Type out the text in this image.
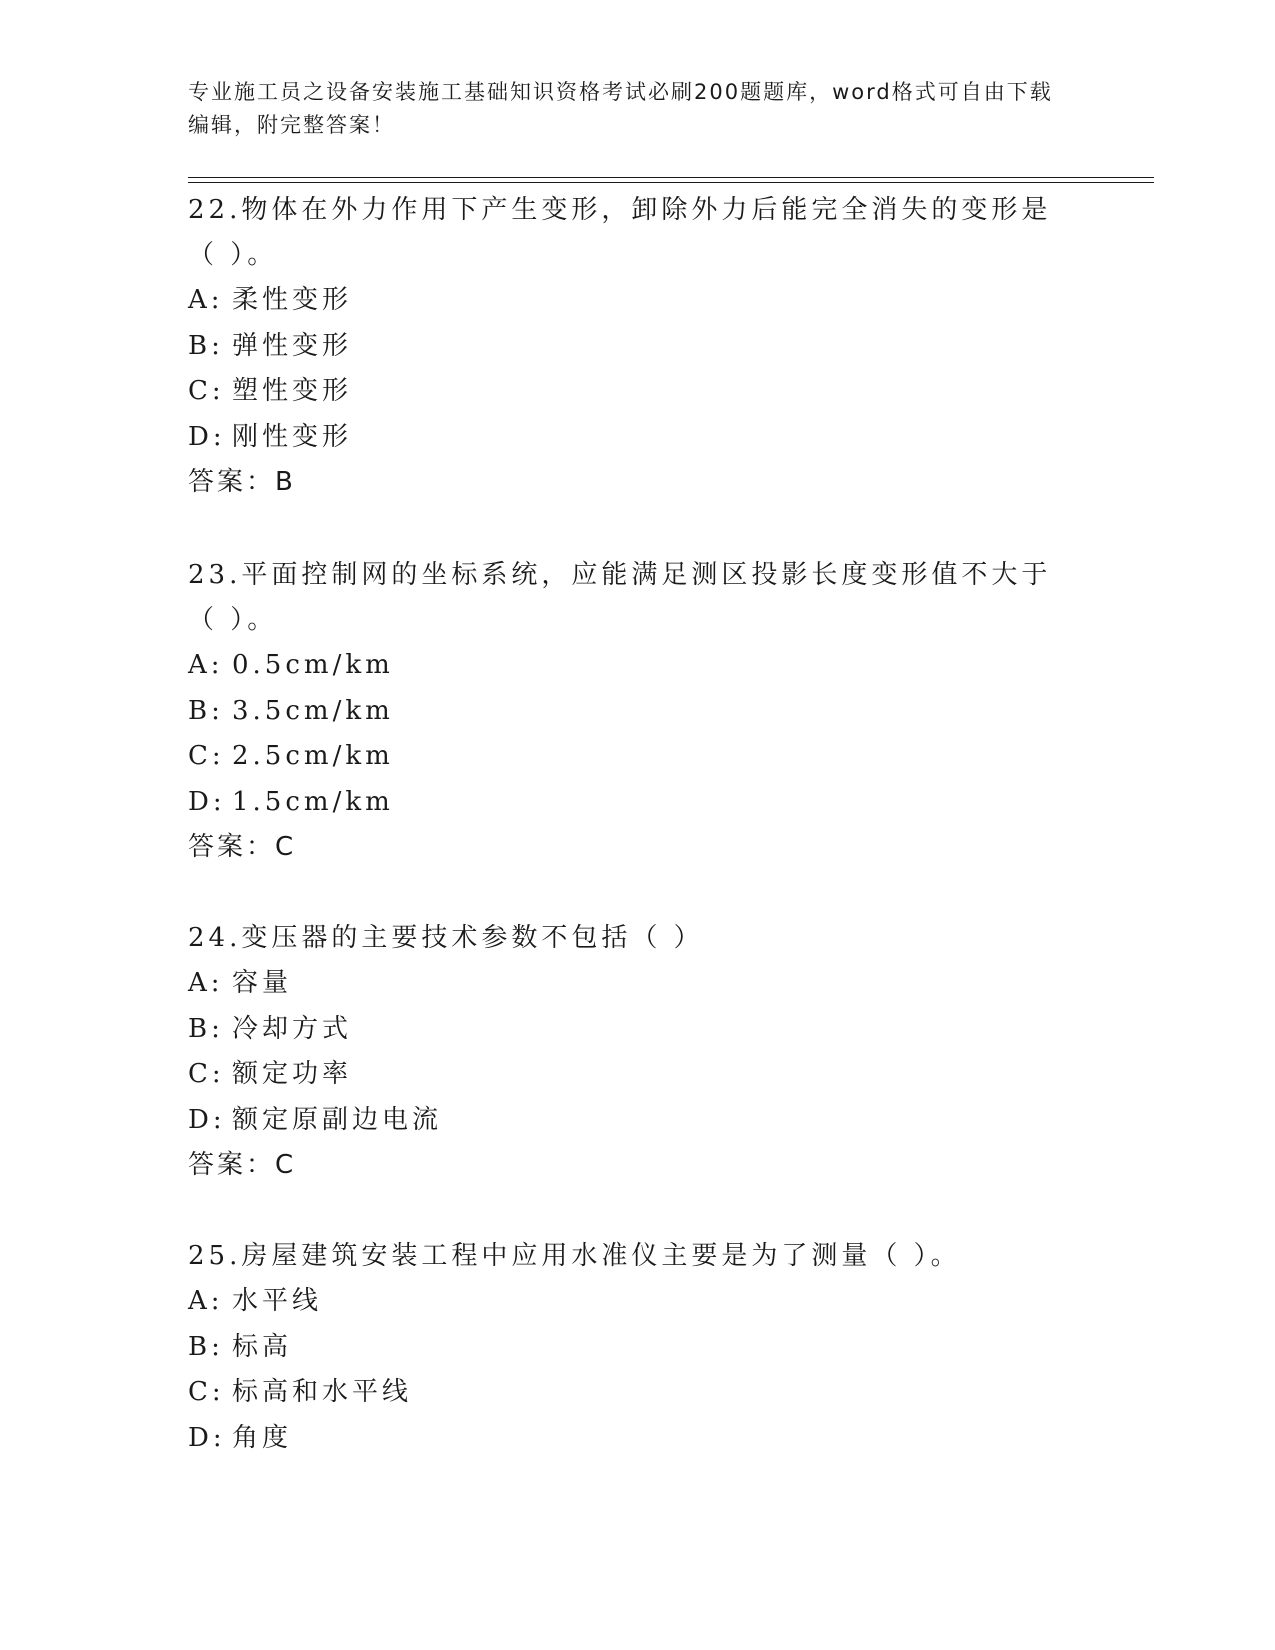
专业施工员之设备安装施工基础知识资格考试必刷200题题库，word格式可自由下载编辑，附完整答案！

22.物体在外力作用下产生变形，卸除外力后能完全消失的变形是（ ）。

A: 柔性变形

B: 弹性变形

C: 塑性变形

D: 刚性变形

答案：B

23.平面控制网的坐标系统，应能满足测区投影长度变形值不大于（ ）。

A: 0.5cm/km

B: 3.5cm/km

C: 2.5cm/km

D: 1.5cm/km

答案：C

24.变压器的主要技术参数不包括（ ）

A: 容量

B: 冷却方式

C: 额定功率

D: 额定原副边电流

答案：C

25.房屋建筑安装工程中应用水准仪主要是为了测量（ ）。

A: 水平线

B: 标高

C: 标高和水平线

D: 角度
